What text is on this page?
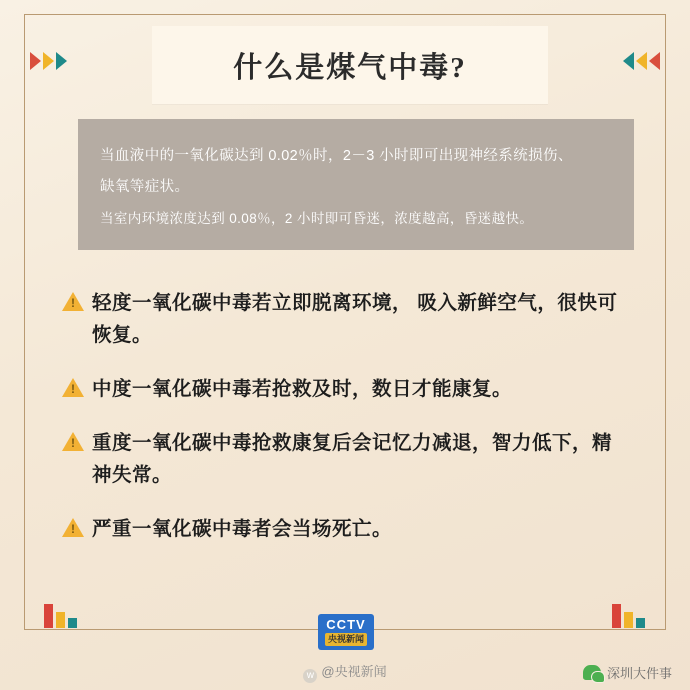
什么是煤气中毒?
当血液中的一氧化碳达到 0.02％时，2－3 小时即可出现神经系统损伤、
缺氧等症状。
当室内环境浓度达到 0.08％，2 小时即可昏迷，浓度越高，昏迷越快。
! 轻度一氧化碳中毒若立即脱离环境， 吸入新鲜空气，很快可恢复。
! 中度一氧化碳中毒若抢救及时，数日才能康复。
! 重度一氧化碳中毒抢救康复后会记忆力减退，智力低下，精神失常。
! 严重一氧化碳中毒者会当场死亡。
CCTV
央视新闻
w @央视新闻	深圳大件事
